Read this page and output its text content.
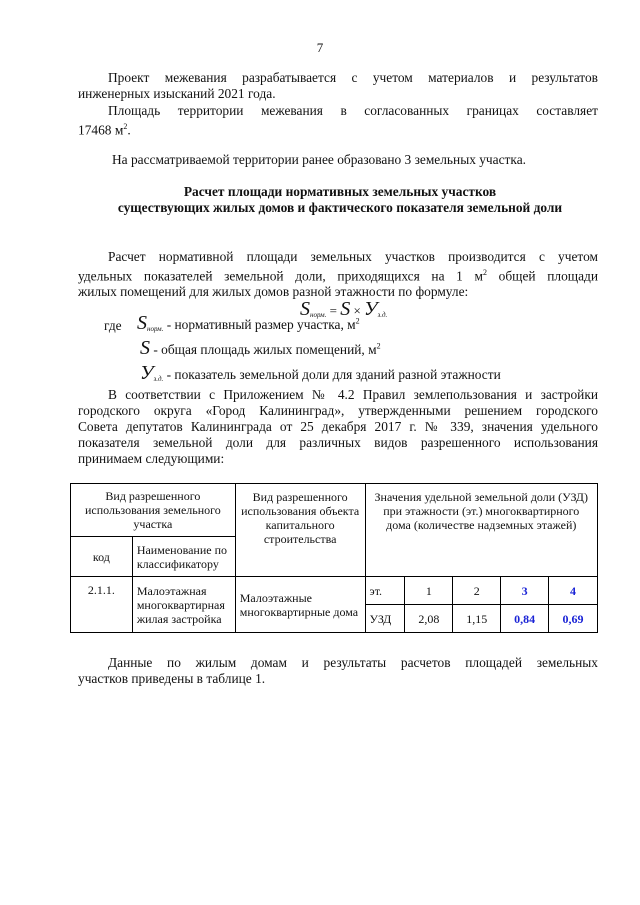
7
Проект межевания разрабатывается с учетом материалов и результатов
инженерных изысканий 2021 года.
Площадь территории межевания в согласованных границах составляет
17468 $м^2$.
На рассматриваемой территории ранее образовано 3 земельных участка.
Расчет площади нормативных земельных участков
существующих жилых домов и фактического показателя земельной доли
Расчет нормативной площади земельных участков производится с учетом
удельных показателей земельной доли, приходящихся на 1 $м^2$ общей площади
жилых помещений для жилых домов разной этажности по формуле:
$S_{норм.} = S \times У_{з.д.}$
где $S_{норм.}$ - нормативный размер участка, $м^2$
S - общая площадь жилых помещений, $м^2$
$У_{з.д.}$ - показатель земельной доли для зданий разной этажности
В соответствии с Приложением № 4.2 Правил землепользования и застройки
городского округа «Город Калининград», утвержденными решением городского
Совета депутатов Калининграда от 25 декабря 2017 г. № 339, значения удельного
показателя земельной доли для различных видов разрешенного использования
принимаем следующими:
Вид разрешенного использования земельного участка		Вид разрешенного использования объекта капитального строительства	Значения удельной земельной доли (УЗД) при этажности (эт.) многоквартирного дома (количестве надземных этажей)				
код	Наименование по классификатору						
2.1.1.	Малоэтажная многоквартирная жилая застройка	Малоэтажные многоквартирные дома	эт.	1	2	3	4
			УЗД	2,08	1,15	0,84	0,69
Данные по жилым домам и результаты расчетов площадей земельных
участков приведены в таблице 1.
